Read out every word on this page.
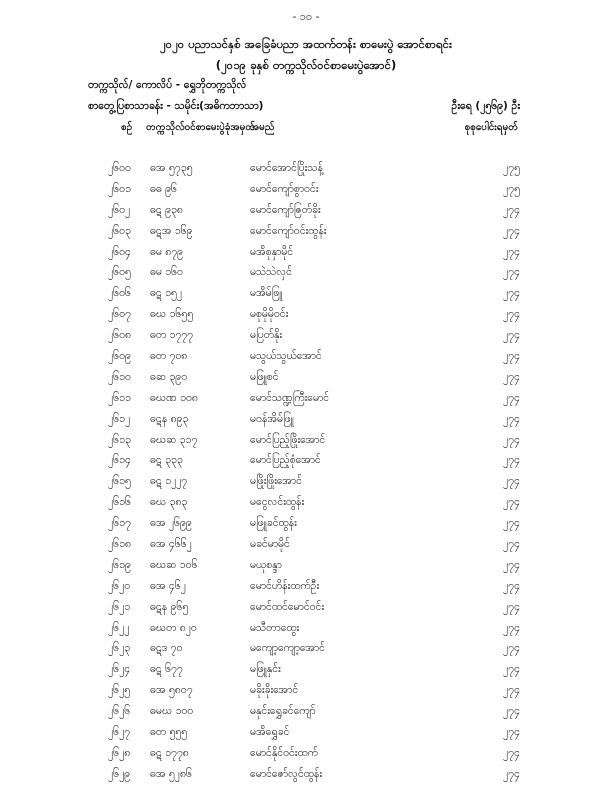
- ၁၀ -
၂၀၂၀ ပညာသင်နှစ် အခြေခံပညာ အထက်တန်း စာမေးပွဲ အောင်စာရင်း
(၂၀၁၉ ခုနှစ် တက္ကသိုလ်ဝင်စာမေးပွဲအောင်)
တက္ကသိုလ်/ ကောလိပ် - ရွှေဘိုတက္ကသိုလ်
စာတွေ့ပြစာသာခန်း - သမိုင်း(အဓိကဘာသာ)	ဦးရေ (၂၅၆၉) ဦး
စဉ် တက္ကသိုလ်ဝင်စာမေးပွဲခုံအမှတ်
အမည်	စုစုပေါင်းရမှတ်
၂၆၀၀ ဓအ ၅၇၃၅	မောင်အောင်ပြိုးသန့်	၂၇၅
၂၆၀၁ ဓဓ ၉၆	မောင်ကျော်စွာဝင်း	၂၇၅
၂၆၀၂ ဓဋ ၉၃၈	မောင်ကျော်ဇြတ်ခိုး	၂၇၄
၂၆၀၃ ဓဋအ ၁၆၉	မောင်ကျော်ဝင်းထွန်း	၂၇၄
၂၆၀၄ ဓမ ၈၇၉	မအိစုနှာမိုင်	၂၇၄
၂၆၀၅ ဓမ ၁၆၀	မသဲသဲလှင်	၂၇၄
၂၆၀၆ ဓဋ ၁၅၂	မအိမ်ဖြူ	၂၇၄
၂၆၀၇ ဓဃ ၁၆၅၅	မစုမိုမိုဝင်း	၂၇၄
၂၆၀၈ ဓတ ၁၇၇၇	မပြတ်နိုး	၂၇၄
၂၆၀၉ ဓတ ၇၀၈	မသွယ်သွယ်အောင်	၂၇၄
၂၆၁၀ ဓဆ ၃၉၀	မဖြူစင်	၂၇၄
၂၆၁၁ ဓဃဏ ၁၀၈	မောင်သဏ္ဍကြီးမောင်	၂၇၄
၂၆၁၂ ဓဋန ၈၉၃	မဝန်အိမ်ဖြူ	၂၇၄
၂၆၁၃ ဓဃဆ ၃၁၇	မောင်ပြည့်ဖြိုးအောင်	၂၇၄
၂၆၁၄ ဓဋ ၃၃၃	မောင်ပြည့်စုံအောင်	၂၇၄
၂၆၁၅ ဓဋ ၁၂၂၇	မဖြိုးဖြိုးအောင်	၂၇၄
၂၆၁၆ ဓဃ ၃၈၃	မငွေလင်းထွန်း	၂၇၄
၂၆၁၇ ဓအ ၂၆၉၉	မဖြူခင်ထွန်း	၂၇၄
၂၆၁၈ ဓအ ၄၆၆၂	မခင်မာမိုင်	၂၇၄
၂၆၁၉ ဓဃဆ ၁၀၆	မယုစန္ဒာ	၂၇၄
၂၆၂၀ ဓအ ၄၆၂	မောင်ဟိန်းထက်ဦး	၂၇၄
၂၆၂၁ ဓဋန ၉၆၅	မောင်ထင်မောင်ဝင်း	၂၇၄
၂၆၂၂ ဓဃတ ၈၂၀	မသီတာထွေး	၂၇၄
၂၆၂၃ ဓဋဒ ၇၀	မကျော့ကျော့အောင်	၂၇၄
၂၆၂၄ ဓဋ ၆၇၇	မဖြူနှင်း	၂၇၄
၂၆၂၅ ဓအ ၅၈၀၇	မခိုးခိုးအောင်	၂၇၄
၂၆၂၆ ဓမဃ ၁၀၀	မနှင်းရွှေခင်ကျော်	၂၇၄
၂၆၂၇ ဓတ ၅၅၅	မအိရွှေခင်	၂၇၄
၂၆၂၈ ဓဋ ၁၇၇၈	မောင်နိုင်ဝင်းထက်	၂၇၄
၂၆၂၉ ဓအ ၅၂၈၆	မောင်ဇော်လွင်ထွန်း	၂၇၄
